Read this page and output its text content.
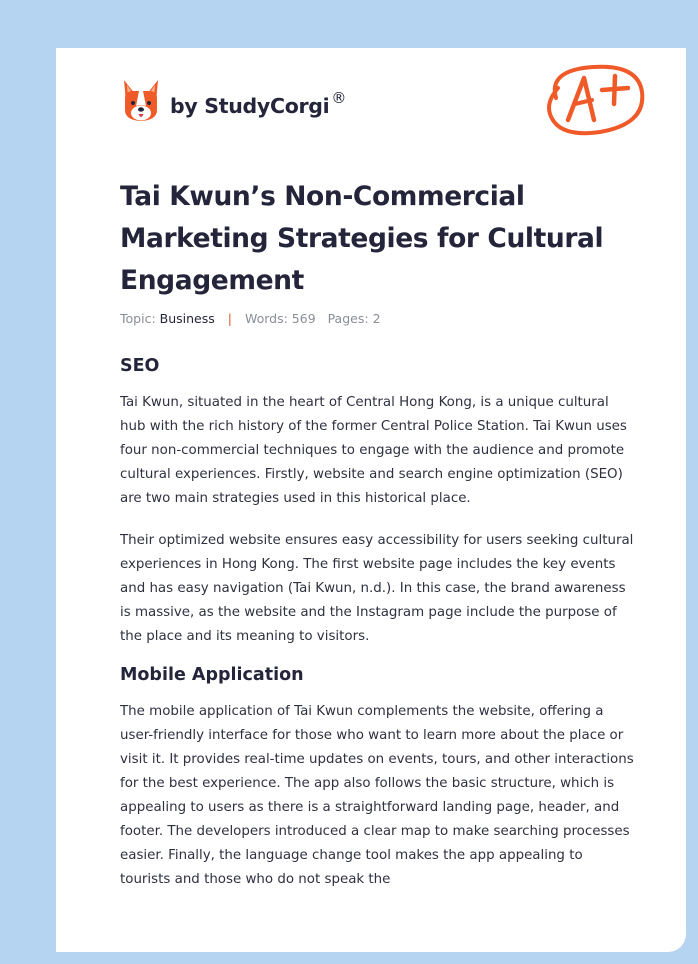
by StudyCorgi ®
Tai Kwun’s Non-Commercial Marketing Strategies for Cultural Engagement
Topic: Business | Words: 569 Pages: 2
SEO

Tai Kwun, situated in the heart of Central Hong Kong, is a unique cultural hub with the rich history of the former Central Police Station. Tai Kwun uses four non-commercial techniques to engage with the audience and promote cultural experiences. Firstly, website and search engine optimization (SEO) are two main strategies used in this historical place.

Their optimized website ensures easy accessibility for users seeking cultural experiences in Hong Kong. The first website page includes the key events and has easy navigation (Tai Kwun, n.d.). In this case, the brand awareness is massive, as the website and the Instagram page include the purpose of the place and its meaning to visitors.

Mobile Application

The mobile application of Tai Kwun complements the website, offering a user-friendly interface for those who want to learn more about the place or visit it. It provides real-time updates on events, tours, and other interactions for the best experience. The app also follows the basic structure, which is appealing to users as there is a straightforward landing page, header, and footer. The developers introduced a clear map to make searching processes easier. Finally, the language change tool makes the app appealing to tourists and those who do not speak the
